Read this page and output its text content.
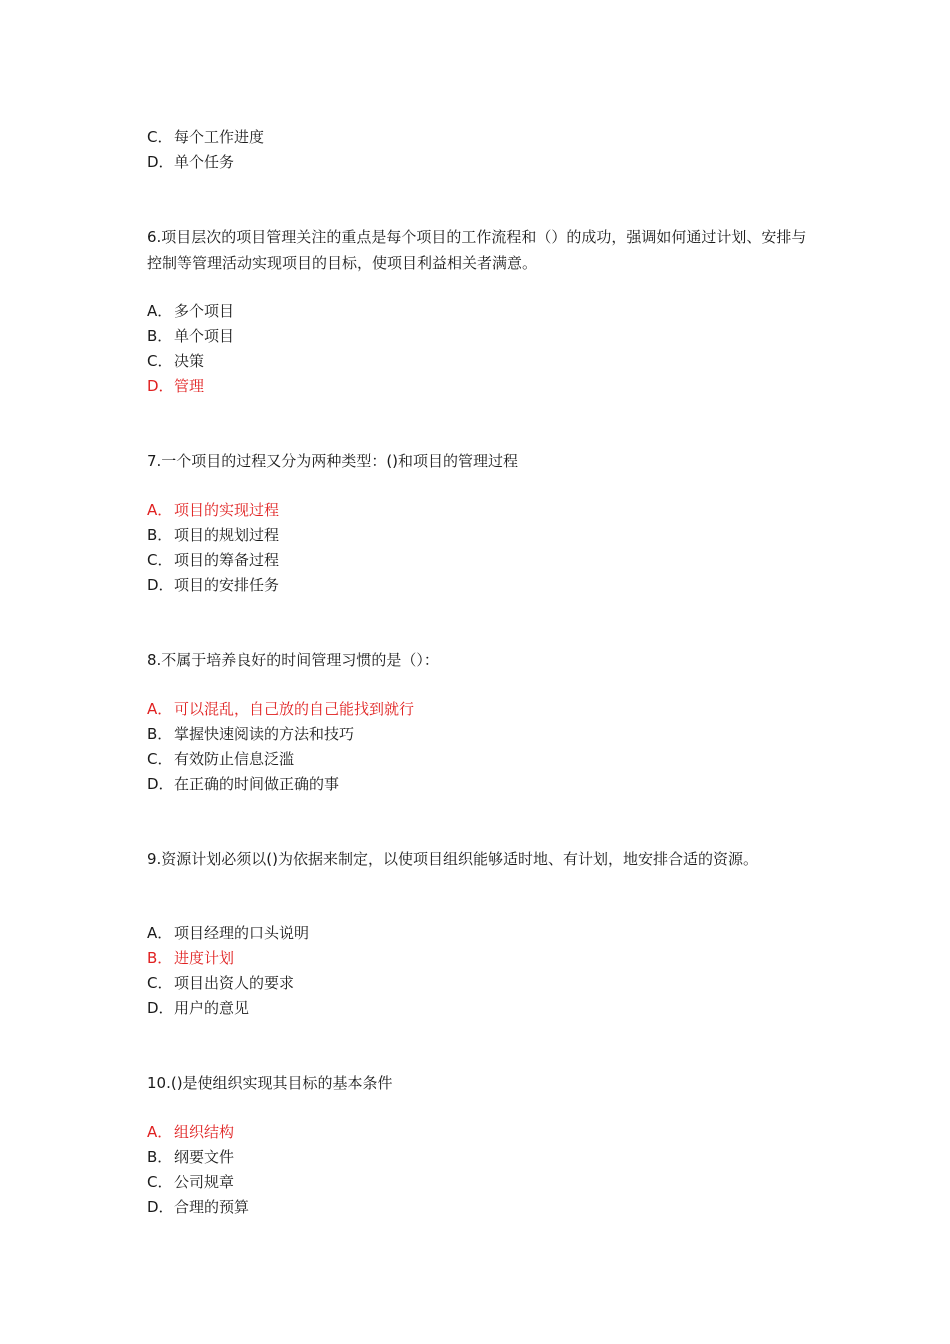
C． 每个工作进度
D．单个任务
6.项目层次的项目管理关注的重点是每个项目的工作流程和（）的成功，强调如何通过计划、安排与控制等管理活动实现项目的目标，使项目利益相关者满意。
A． 多个项目
B． 单个项目
C． 决策
D．管理
7.一个项目的过程又分为两种类型：()和项目的管理过程
A． 项目的实现过程
B． 项目的规划过程
C． 项目的筹备过程
D．项目的安排任务
8.不属于培养良好的时间管理习惯的是（）：
A． 可以混乱，自己放的自己能找到就行
B． 掌握快速阅读的方法和技巧
C． 有效防止信息泛滥
D．在正确的时间做正确的事
9.资源计划必须以()为依据来制定，以使项目组织能够适时地、有计划，地安排合适的资源。
A． 项目经理的口头说明
B． 进度计划
C． 项目出资人的要求
D．用户的意见
10.()是使组织实现其目标的基本条件
A． 组织结构
B． 纲要文件
C． 公司规章
D．合理的预算
